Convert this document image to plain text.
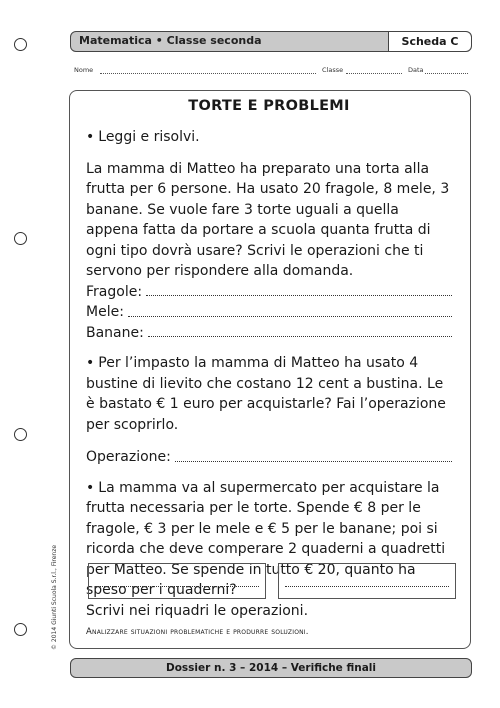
Matematica • Classe seconda	Scheda C
Nome	Classe	Data
TORTE E PROBLEMI

• Leggi e risolvi.

La mamma di Matteo ha preparato una torta alla frutta per 6 persone. Ha usato 20 fragole, 8 mele, 3 banane. Se vuole fare 3 torte uguali a quella appena fatta da portare a scuola quanta frutta di ogni tipo dovrà usare? Scrivi le operazioni che ti servono per rispondere alla domanda.

Fragole:
Mele:
Banane:

• Per l’impasto la mamma di Matteo ha usato 4 bustine di lievito che costano 12 cent a bustina. Le è bastato € 1 euro per acquistarle? Fai l’operazione per scoprirlo.

Operazione:

• La mamma va al supermercato per acquistare la frutta necessaria per le torte. Spende € 8 per le fragole, € 3 per le mele e € 5 per le banane; poi si ricorda che deve comperare 2 quaderni a quadretti per Matteo. Se spende in tutto € 20, quanto ha speso per i quaderni?

Scrivi nei riquadri le operazioni.

Analizzare situazioni problematiche e produrre soluzioni.
© 2014 Giunti Scuola S.r.l., Firenze
Dossier n. 3 – 2014 – Verifiche finali
